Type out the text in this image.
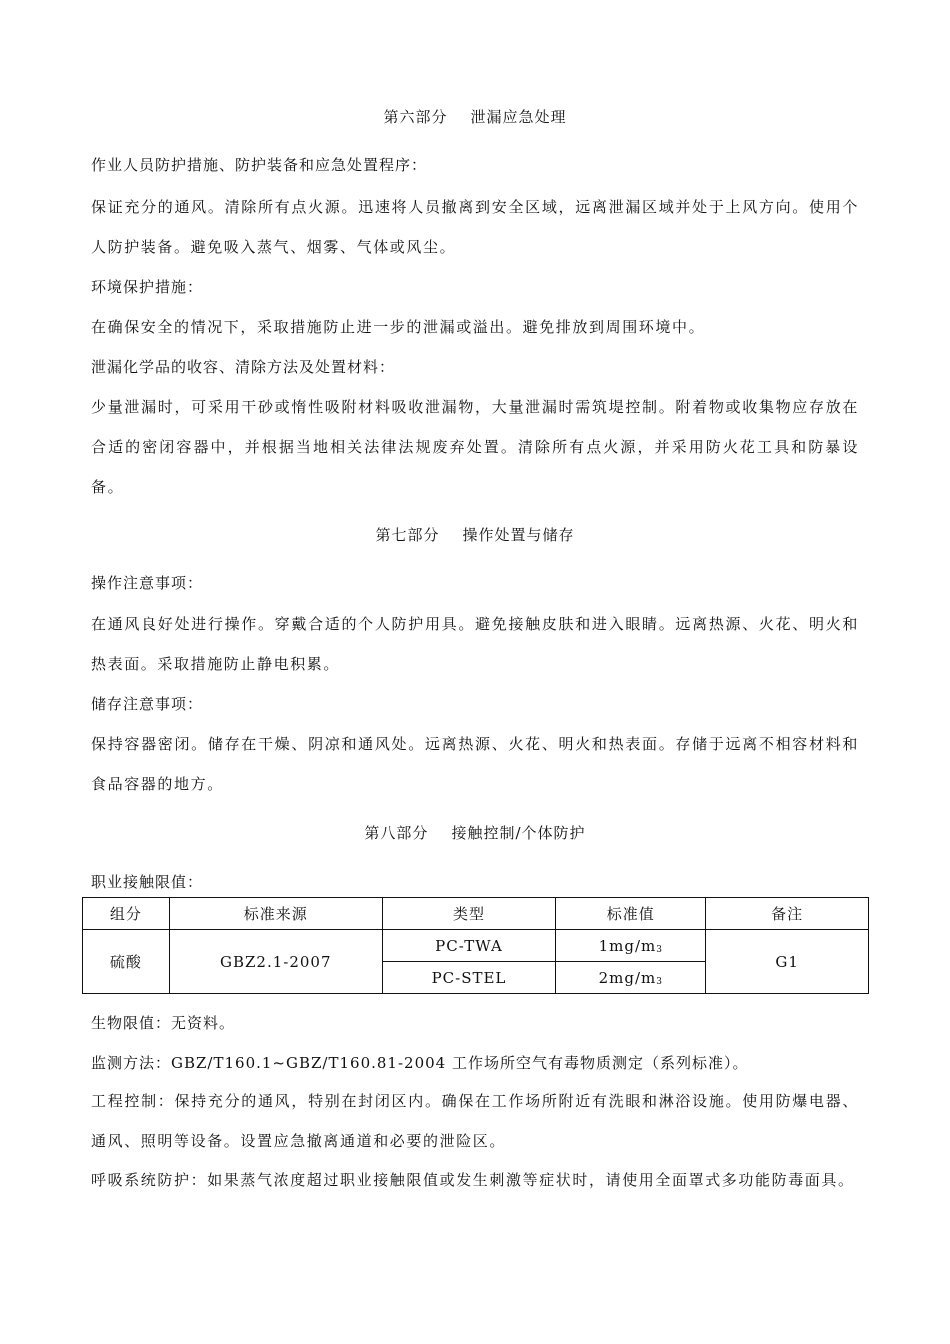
第六部分    泄漏应急处理
作业人员防护措施、防护装备和应急处置程序：
保证充分的通风。清除所有点火源。迅速将人员撤离到安全区域，远离泄漏区域并处于上风方向。使用个人防护装备。避免吸入蒸气、烟雾、气体或风尘。
环境保护措施：
在确保安全的情况下，采取措施防止进一步的泄漏或溢出。避免排放到周围环境中。
泄漏化学品的收容、清除方法及处置材料：
少量泄漏时，可采用干砂或惰性吸附材料吸收泄漏物，大量泄漏时需筑堤控制。附着物或收集物应存放在合适的密闭容器中，并根据当地相关法律法规废弃处置。清除所有点火源，并采用防火花工具和防暴设备。
第七部分    操作处置与储存
操作注意事项：
在通风良好处进行操作。穿戴合适的个人防护用具。避免接触皮肤和进入眼睛。远离热源、火花、明火和热表面。采取措施防止静电积累。
储存注意事项：
保持容器密闭。储存在干燥、阴凉和通风处。远离热源、火花、明火和热表面。存储于远离不相容材料和食品容器的地方。
第八部分    接触控制/个体防护
职业接触限值：
组分	标准来源	类型	标准值	备注
硫酸	GBZ2.1-2007	PC-TWA	$1mg/m^3$	G1
		PC-STEL	$2mg/m^3$
生物限值：无资料。
监测方法：GBZ/T160.1~GBZ/T160.81-2004 工作场所空气有毒物质测定（系列标准）。
工程控制：保持充分的通风，特别在封闭区内。确保在工作场所附近有洗眼和淋浴设施。使用防爆电器、通风、照明等设备。设置应急撤离通道和必要的泄险区。
呼吸系统防护：如果蒸气浓度超过职业接触限值或发生刺激等症状时，请使用全面罩式多功能防毒面具。
